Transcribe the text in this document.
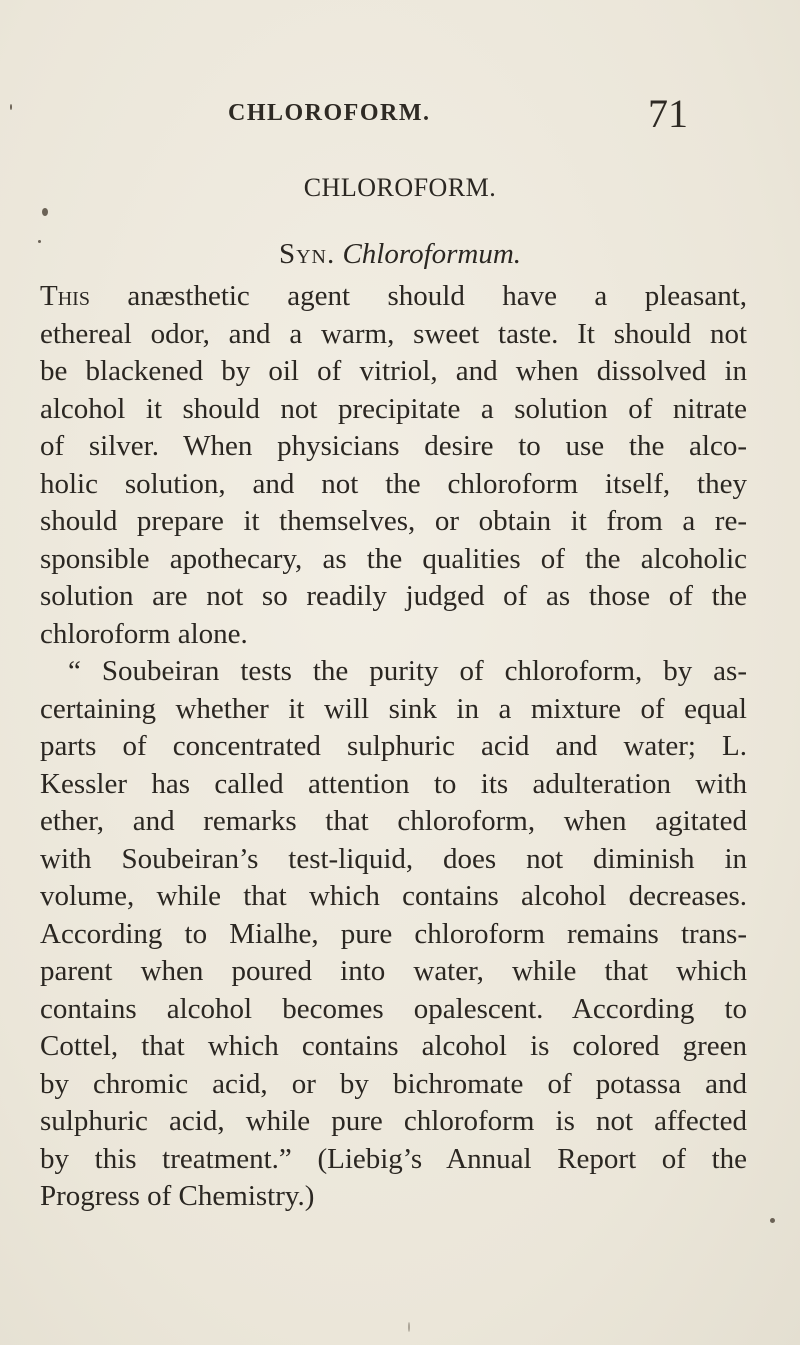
CHLOROFORM.	71
CHLOROFORM.
Syn. Chloroformum.
This anæsthetic agent should have a pleasant,
ethereal odor, and a warm, sweet taste. It should not
be blackened by oil of vitriol, and when dissolved in
alcohol it should not precipitate a solution of nitrate
of silver. When physicians desire to use the alco-
holic solution, and not the chloroform itself, they
should prepare it themselves, or obtain it from a re-
sponsible apothecary, as the qualities of the alcoholic
solution are not so readily judged of as those of the
chloroform alone.
“ Soubeiran tests the purity of chloroform, by as-
certaining whether it will sink in a mixture of equal
parts of concentrated sulphuric acid and water; L.
Kessler has called attention to its adulteration with
ether, and remarks that chloroform, when agitated
with Soubeiran’s test-liquid, does not diminish in
volume, while that which contains alcohol decreases.
According to Mialhe, pure chloroform remains trans-
parent when poured into water, while that which
contains alcohol becomes opalescent. According to
Cottel, that which contains alcohol is colored green
by chromic acid, or by bichromate of potassa and
sulphuric acid, while pure chloroform is not affected
by this treatment.” (Liebig’s Annual Report of the
Progress of Chemistry.)
